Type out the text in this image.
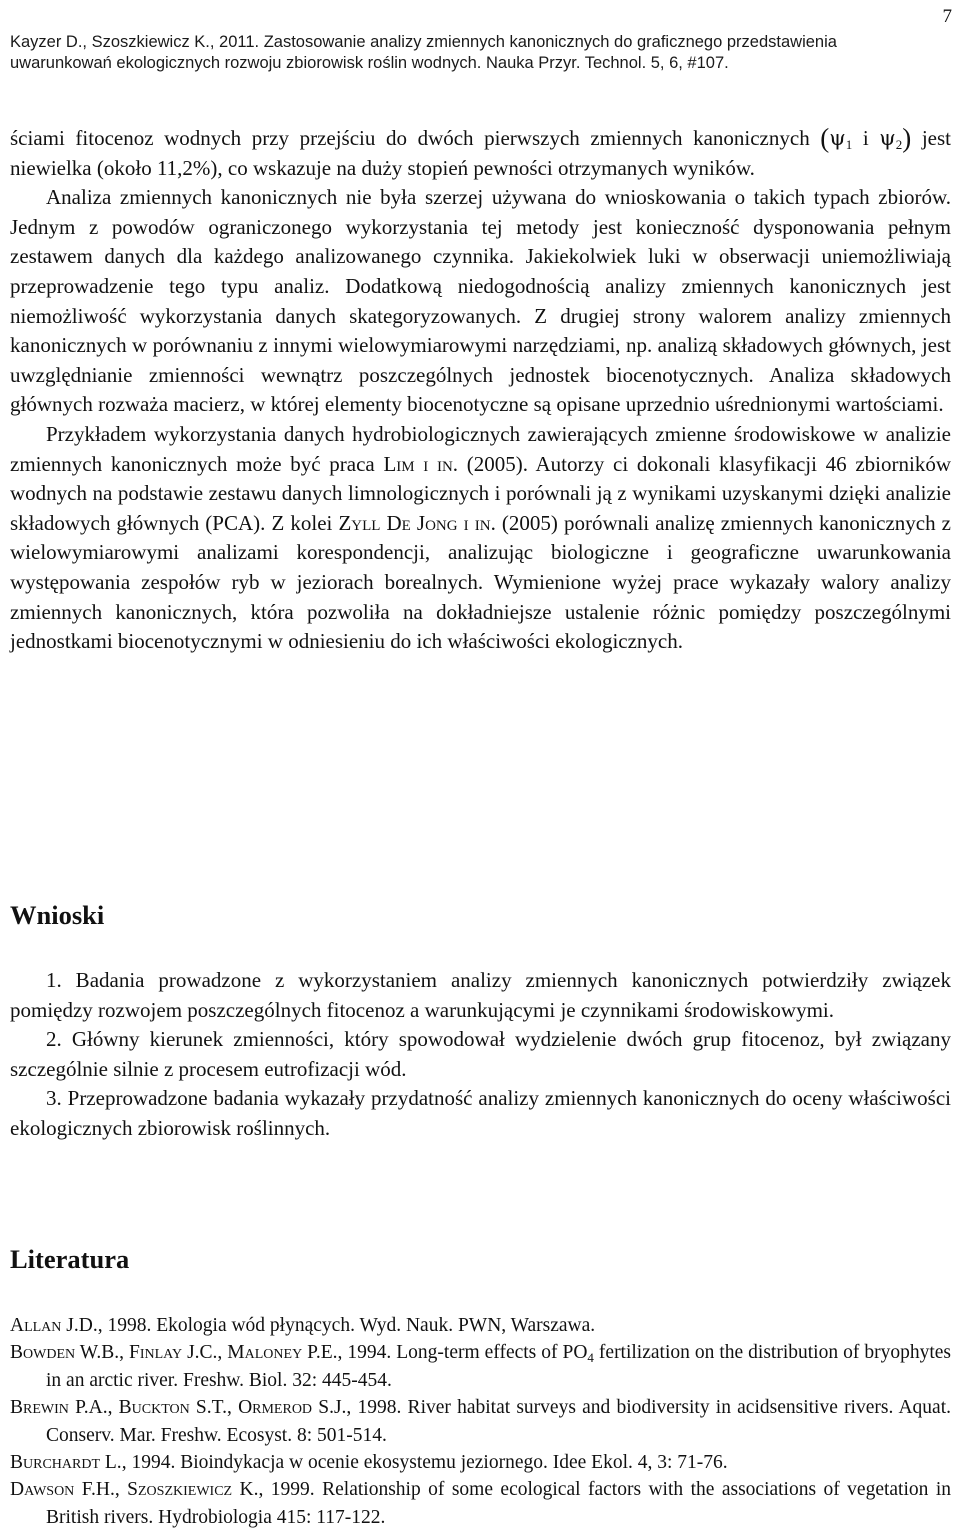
Kayzer D., Szoszkiewicz K., 2011. Zastosowanie analizy zmiennych kanonicznych do graficznego przedstawienia
uwarunkowań ekologicznych rozwoju zbiorowisk roślin wodnych. Nauka Przyr. Technol. 5, 6, #107.
7

ściami fitocenoz wodnych przy przejściu do dwóch pierwszych zmiennych kanonicznych ($\psi_1$ i $\psi_2$) jest niewielka (około 11,2%), co wskazuje na duży stopień pewności otrzymanych wyników.

Analiza zmiennych kanonicznych nie była szerzej używana do wnioskowania o takich typach zbiorów. Jednym z powodów ograniczonego wykorzystania tej metody jest konieczność dysponowania pełnym zestawem danych dla każdego analizowanego czynnika. Jakiekolwiek luki w obserwacji uniemożliwiają przeprowadzenie tego typu analiz. Dodatkową niedogodnością analizy zmiennych kanonicznych jest niemożliwość wykorzystania danych skategoryzowanych. Z drugiej strony walorem analizy zmiennych kanonicznych w porównaniu z innymi wielowymiarowymi narzędziami, np. analizą składowych głównych, jest uwzględnianie zmienności wewnątrz poszczególnych jednostek biocenotycznych. Analiza składowych głównych rozważa macierz, w której elementy biocenotyczne są opisane uprzednio uśrednionymi wartościami.

Przykładem wykorzystania danych hydrobiologicznych zawierających zmienne środowiskowe w analizie zmiennych kanonicznych może być praca Lim i in. (2005). Autorzy ci dokonali klasyfikacji 46 zbiorników wodnych na podstawie zestawu danych limnologicznych i porównali ją z wynikami uzyskanymi dzięki analizie składowych głównych (PCA). Z kolei Zyll De Jong i in. (2005) porównali analizę zmiennych kanonicznych z wielowymiarowymi analizami korespondencji, analizując biologiczne i geograficzne uwarunkowania występowania zespołów ryb w jeziorach borealnych. Wymienione wyżej prace wykazały walory analizy zmiennych kanonicznych, która pozwoliła na dokładniejsze ustalenie różnic pomiędzy poszczególnymi jednostkami biocenotycznymi w odniesieniu do ich właściwości ekologicznych.

Wnioski

1. Badania prowadzone z wykorzystaniem analizy zmiennych kanonicznych potwierdziły związek pomiędzy rozwojem poszczególnych fitocenoz a warunkującymi je czynnikami środowiskowymi.

2. Główny kierunek zmienności, który spowodował wydzielenie dwóch grup fitocenoz, był związany szczególnie silnie z procesem eutrofizacji wód.

3. Przeprowadzone badania wykazały przydatność analizy zmiennych kanonicznych do oceny właściwości ekologicznych zbiorowisk roślinnych.

Literatura

Allan J.D., 1998. Ekologia wód płynących. Wyd. Nauk. PWN, Warszawa.

Bowden W.B., Finlay J.C., Maloney P.E., 1994. Long-term effects of $PO_4$ fertilization on the distribution of bryophytes in an arctic river. Freshw. Biol. 32: 445-454.

Brewin P.A., Buckton S.T., Ormerod S.J., 1998. River habitat surveys and biodiversity in acidsensitive rivers. Aquat. Conserv. Mar. Freshw. Ecosyst. 8: 501-514.

Burchardt L., 1994. Bioindykacja w ocenie ekosystemu jeziornego. Idee Ekol. 4, 3: 71-76.

Dawson F.H., Szoszkiewicz K., 1999. Relationship of some ecological factors with the associations of vegetation in British rivers. Hydrobiologia 415: 117-122.
